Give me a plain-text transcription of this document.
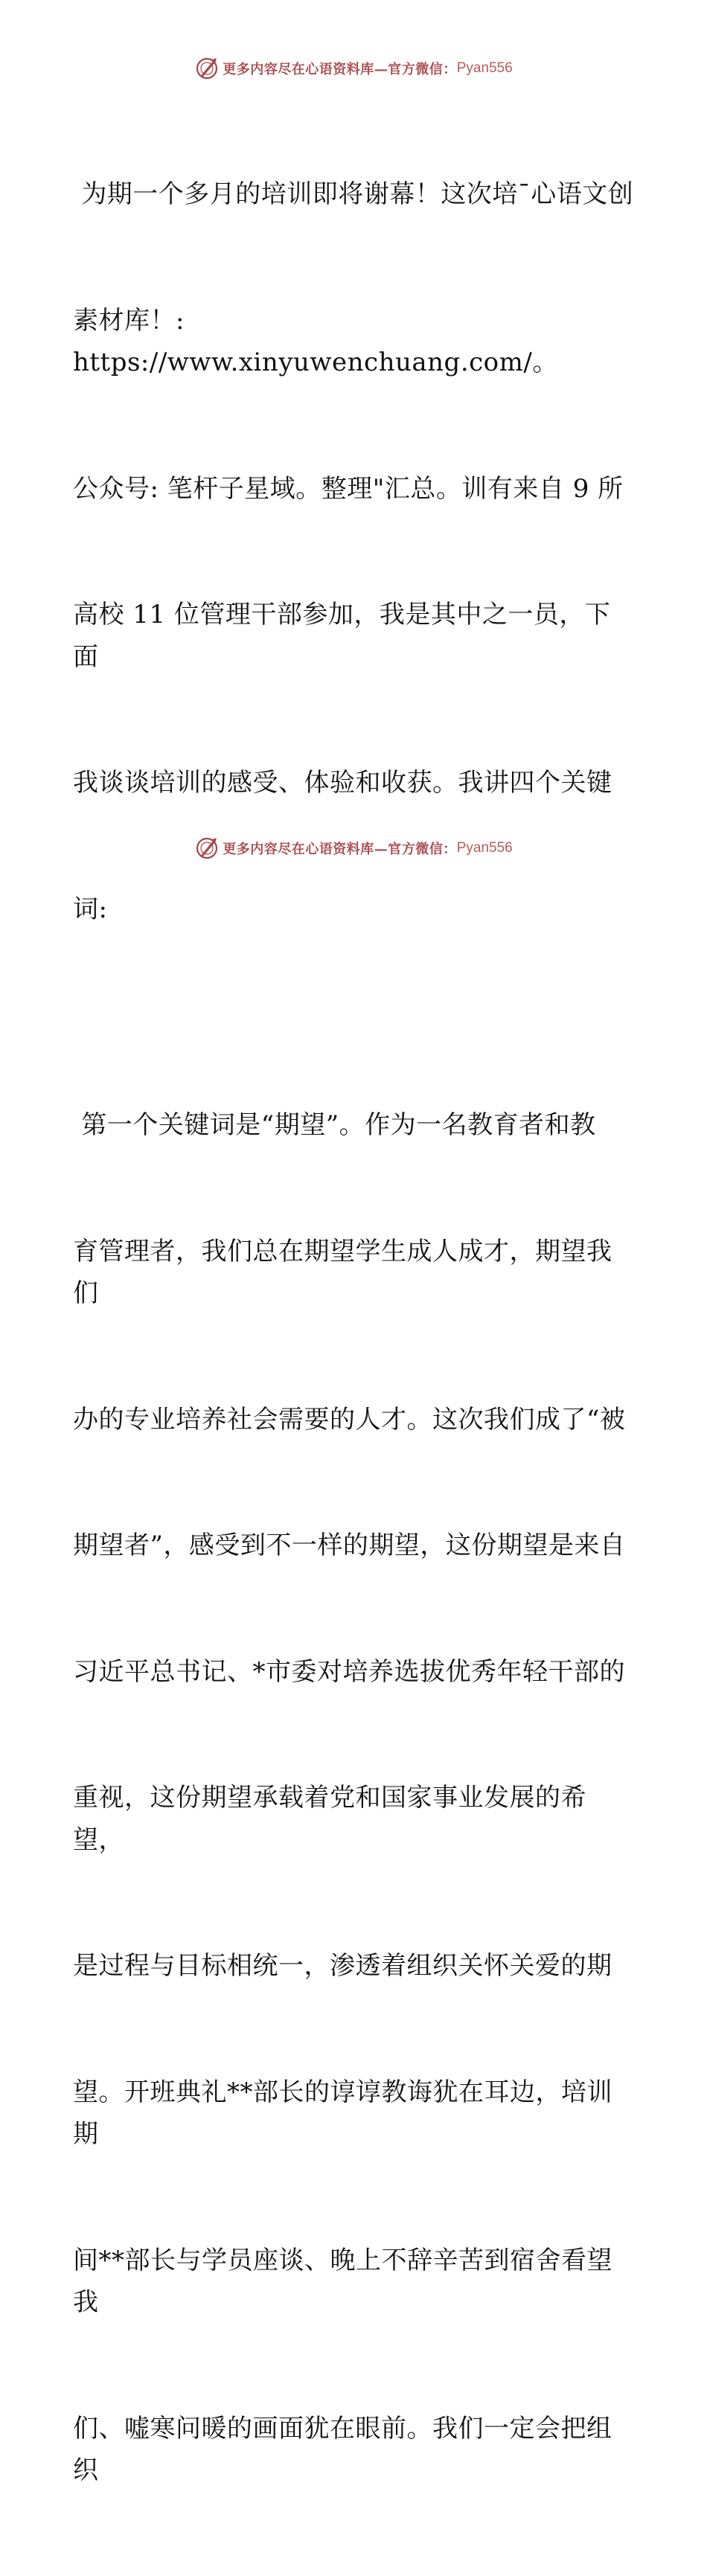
更多内容尽在心语资料库—官方微信： Pyan556

为期一个多月的培训即将谢幕！这次培¯心语文创

素材库！: https://www.xinyuwenchuang.com/。

公众号: 笔杆子星域。整理"汇总。训有来自 9 所

高校 11 位管理干部参加，我是其中之一员，下面

我谈谈培训的感受、体验和收获。我讲四个关键

词:

第一个关键词是“期望”。作为一名教育者和教

育管理者，我们总在期望学生成人成才，期望我们

办的专业培养社会需要的人才。这次我们成了“被

期望者”，感受到不一样的期望，这份期望是来自

习近平总书记、*市委对培养选拔优秀年轻干部的

重视，这份期望承载着党和国家事业发展的希望，

是过程与目标相统一，渗透着组织关怀关爱的期

望。开班典礼**部长的谆谆教诲犹在耳边，培训期

间**部长与学员座谈、晚上不辞辛苦到宿舍看望我

们、嘘寒问暖的画面犹在眼前。我们一定会把组织

更多内容尽在心语资料库—官方微信： Pyan556
